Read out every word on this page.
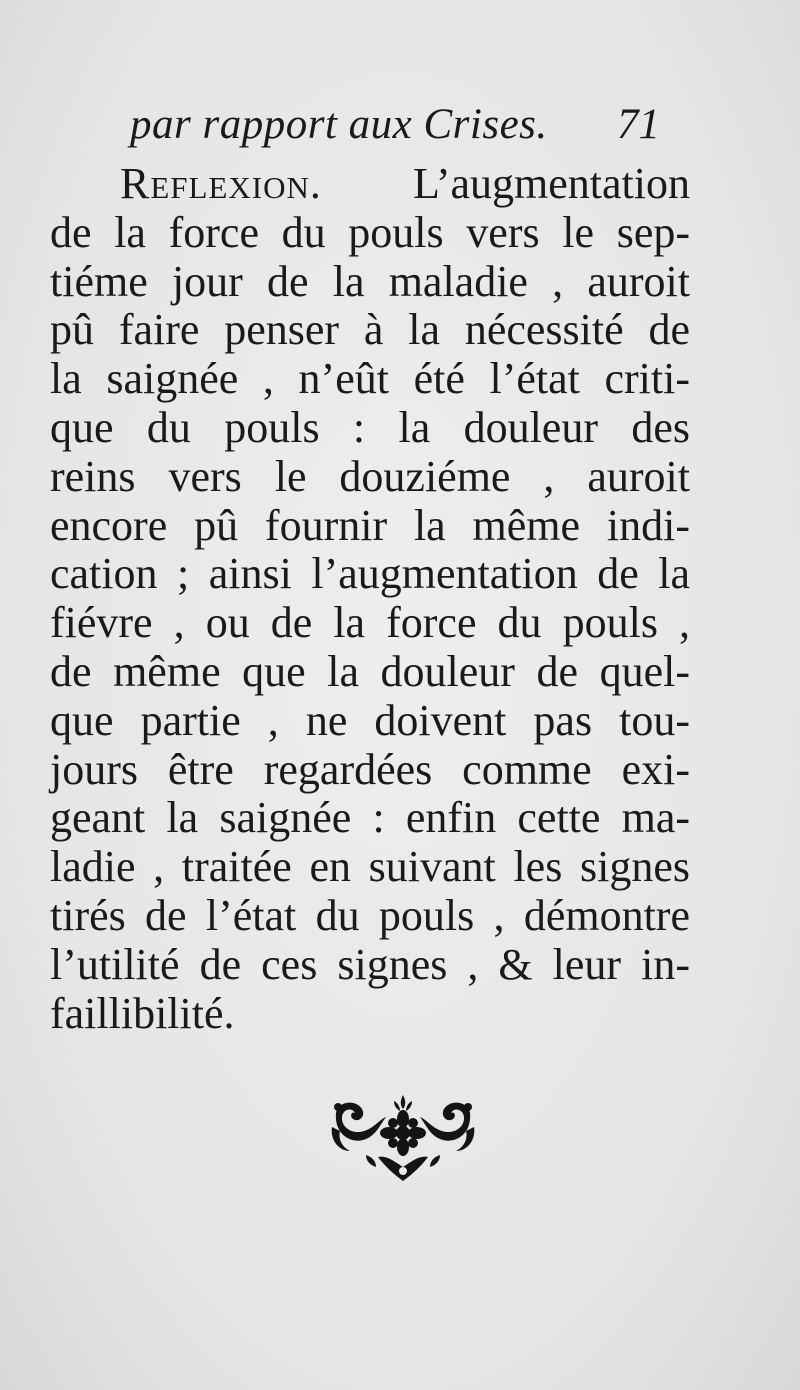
par rapport aux Crises. 71
Reflexion. L’augmentation
de la force du pouls vers le sep-
tiéme jour de la maladie , auroit
pû faire penser à la nécessité de
la saignée , n’eût été l’état criti-
que du pouls : la douleur des
reins vers le douziéme , auroit
encore pû fournir la même indi-
cation ; ainsi l’augmentation de la
fiévre , ou de la force du pouls ,
de même que la douleur de quel-
que partie , ne doivent pas tou-
jours être regardées comme exi-
geant la saignée : enfin cette ma-
ladie , traitée en suivant les signes
tirés de l’état du pouls , démontre
l’utilité de ces signes , & leur in-
faillibilité.
